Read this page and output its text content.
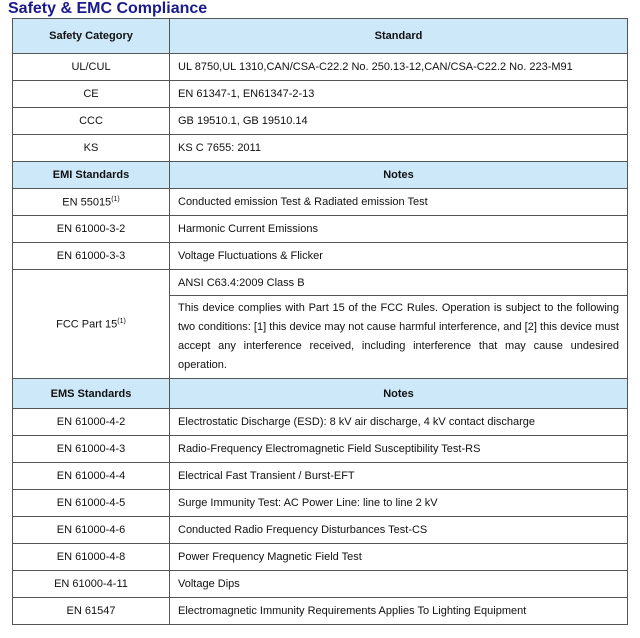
Safety & EMC Compliance
Safety Category	Standard
UL/CUL	UL 8750,UL 1310,CAN/CSA-C22.2 No. 250.13-12,CAN/CSA-C22.2 No. 223-M91
CE	EN 61347-1, EN61347-2-13
CCC	GB 19510.1, GB 19510.14
KS	KS C 7655: 2011
EMI Standards	Notes
EN 55015$^{(1)}$	Conducted emission Test & Radiated emission Test
EN 61000-3-2	Harmonic Current Emissions
EN 61000-3-3	Voltage Fluctuations & Flicker
FCC Part 15$^{(1)}$	ANSI C63.4:2009 Class B
	This device complies with Part 15 of the FCC Rules. Operation is subject to the following two conditions: [1] this device may not cause harmful interference, and [2] this device must accept any interference received, including interference that may cause undesired operation.
EMS Standards	Notes
EN 61000-4-2	Electrostatic Discharge (ESD): 8 kV air discharge, 4 kV contact discharge
EN 61000-4-3	Radio-Frequency Electromagnetic Field Susceptibility Test-RS
EN 61000-4-4	Electrical Fast Transient / Burst-EFT
EN 61000-4-5	Surge Immunity Test: AC Power Line: line to line 2 kV
EN 61000-4-6	Conducted Radio Frequency Disturbances Test-CS
EN 61000-4-8	Power Frequency Magnetic Field Test
EN 61000-4-11	Voltage Dips
EN 61547	Electromagnetic Immunity Requirements Applies To Lighting Equipment
